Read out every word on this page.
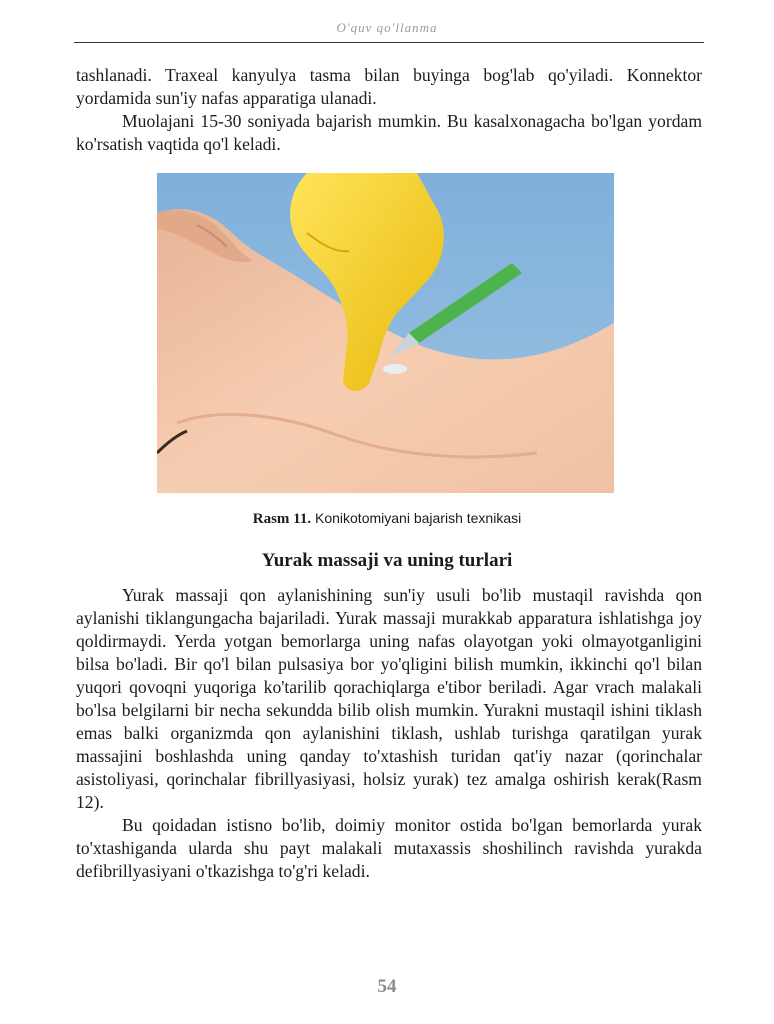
O'quv qo'llanma

tashlanadi. Traxeal kanyulya tasma bilan buyinga bog'lab qo'yiladi. Konnektor yordamida sun'iy nafas apparatiga ulanadi.

Muolajani 15-30 soniyada bajarish mumkin. Bu kasalxonagacha bo'lgan yordam ko'rsatish vaqtida qo'l keladi.

Rasm 11. Konikotomiyani bajarish texnikasi
Yurak massaji va uning turlari

Yurak massaji qon aylanishining sun'iy usuli bo'lib mustaqil ravishda qon aylanishi tiklangungacha bajariladi. Yurak massaji murakkab apparatura ishlatishga joy qoldirmaydi. Yerda yotgan bemorlarga uning nafas olayotgan yoki olmayotganligini bilsa bo'ladi. Bir qo'l bilan pulsasiya bor yo'qligini bilish mumkin, ikkinchi qo'l bilan yuqori qovoqni yuqoriga ko'tarilib qorachiqlarga e'tibor beriladi. Agar vrach malakali bo'lsa belgilarni bir necha sekundda bilib olish mumkin. Yurakni mustaqil ishini tiklash emas balki organizmda qon aylanishini tiklash, ushlab turishga qaratilgan yurak massajini boshlashda uning qanday to'xtashish turidan qat'iy nazar (qorinchalar asistoliyasi, qorinchalar fibrillyasiyasi, holsiz yurak) tez amalga oshirish kerak(Rasm 12).

Bu qoidadan istisno bo'lib, doimiy monitor ostida bo'lgan bemorlarda yurak to'xtashiganda ularda shu payt malakali mutaxassis shoshilinch ravishda yurakda defibrillyasiyani o'tkazishga to'g'ri keladi.

54
